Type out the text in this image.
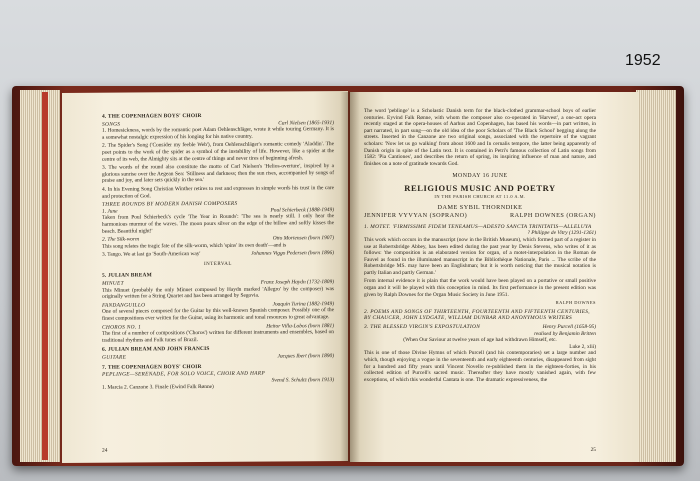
1952
4. THE COPENHAGEN BOYS' CHOIR
SONGS	Carl Nielsen (1865-1931)

1. Homesickness, words by the romantic poet Adam Oehlenschläger, wrote it while touring Germany. It is a somewhat nostalgic expression of his longing for his native country.

2. The Spider's Song ('Consider my feeble Web'), from Oehlenschläger's romantic comedy 'Aladdin'. The poet points to the work of the spider as a symbol of the instability of life. However, like a spider at the centre of its web, the Almighty sits at the centre of things and never tires of beginning afresh.

3. The words of the round also constitute the motto of Carl Nielsen's 'Helios-overture', inspired by a glorious sunrise over the Aegean Sea: 'Stillness and darkness; then the sun rises, accompanied by songs of praise and joy, and later sets quickly in the sea.'

4. In his Evening Song Christian Winther retires to rest and expresses in simple words his trust in the care and protection of God.

THREE ROUNDS BY MODERN DANISH COMPOSERS
1. June	Poul Schierbeck (1888-1949)

Taken from Poul Schierbeck's cycle 'The Year in Rounds': 'The sea is nearly still. I only hear the harmonious murmur of the waves. The moon pours silver on the edge of the billow and softly kisses the beach. Beautiful night!'

2. The Silk-worm	Otto Mortensen (born 1907)

This song relates the tragic fate of the silk-worm, which 'spins' its own death'—and is

3. Tango. We at last go 'South-American way'	Johannes Viggo Pedersen (born 1896)
INTERVAL
5. JULIAN BREAM
MINUET	Franz Joseph Haydn (1732-1809)

This Minuet (probably the only Minuet composed by Haydn marked 'Allegro' by the composer) was originally written for a String Quartet and has been arranged by Segovia.

FANDANGUILLO	Joaquin Turina (1882-1949)

One of several pieces composed for the Guitar by this well-known Spanish composer. Possibly one of the finest compositions ever written for the Guitar, using its harmonic and tonal resources to great advantage.

CHOROS NO. 1	Heitor Villa-Lobos (born 1881)

The first of a number of compositions ('Choros') written for different instruments and ensembles, based on traditional rhythms and Folk tunes of Brazil.

6. JULIAN BREAM AND JOHN FRANCIS
GUITARE	Jacques Ibert (born 1890)
7. THE COPENHAGEN BOYS' CHOIR
PEPLINGE—SERENADE, FOR SOLO VOICE, CHOIR AND HARP
Svend S. Schultz (born 1913)

1. Marcia 2. Canzone 3. Finale (Ewind Falk Rønne)

24

The word 'peblinge' is a Scholastic Danish term for the black-clothed grammar-school boys of earlier centuries. Eyvind Falk Rønne, with whom the composer also co-operated in 'Harvest', a one-act opera recently staged at the opera-houses of Aarhus and Copenhagen, has based his words—in part written, in part narrated, in part sung—on the old idea of the poor Scholars of 'The Black School' begging along the streets. Inserted in the Canzone are two original songs, associated with the repertoire of the vagrant scholars: 'Now let us go walking' from about 1600 and In cernalis tempore, the latter being apparently of Danish origin in spite of the Latin text. It is contained in Petri's famous collection of Latin songs from 1582: 'Pia Cantiones', and describes the return of spring, its inspiring influence of man and nature, and finishes on a note of gratitude towards God.

MONDAY 16 JUNE
RELIGIOUS MUSIC AND POETRY
IN THE PARISH CHURCH AT 11.0 A.M.
DAME SYBIL THORNDIKE
JENNIFER VYVYAN (SOPRANO)	RALPH DOWNES (ORGAN)
1. MOTET. 'FIRMISSIME FIDEM TENEAMUS—ADESTO SANCTA TRINITATIS—ALLELUYA
? Philippe de Vitry (1291-1361)

This work which occurs in the manuscript (now in the British Museum), which formed part of a register in use at Robertsbridge Abbey, has been edited during the past year by Denis Stevens, who writes of it as follows: 'the composition is an elaborated version for organ, of a motet-interpolation in the Roman de Fauvel as found in the illuminated manuscript in the Bibliothèque Nationale, Paris ... The scribe of the Robertsbridge MS. may have been an Englishman; but it is worth noticing that the musical notation is partly Italian and partly German.'

From internal evidence it is plain that the work would have been played on a portative or small positive organ and it will be played with this conception in mind. Its first performance in the present edition was given by Ralph Downes for the Organ Music Society in June 1951.

RALPH DOWNES
2. POEMS AND SONGS OF THIRTEENTH, FOURTEENTH AND FIFTEENTH CENTURIES, BY CHAUCER, JOHN LYDGATE, WILLIAM DUNBAR AND ANONYMOUS WRITERS
3. THE BLESSED VIRGIN'S EXPOSTULATION	Henry Purcell (1658-95)
realised by Benjamin Britten
(When Our Saviour at twelve years of age had withdrawn Himself, etc.
Luke 2, xlii)

This is one of those Divine Hymns of which Purcell (and his contemporaries) set a large number and which, though enjoying a vogue in the seventeenth and early eighteenth centuries, disappeared from sight for a hundred and fifty years until Vincent Novello re-published them in the eighteen-forties, in his collected edition of Purcell's sacred music. Thereafter they have mostly vanished again, with few exceptions, of which this wonderful Cantata is one. The dramatic expressiveness, the

25
